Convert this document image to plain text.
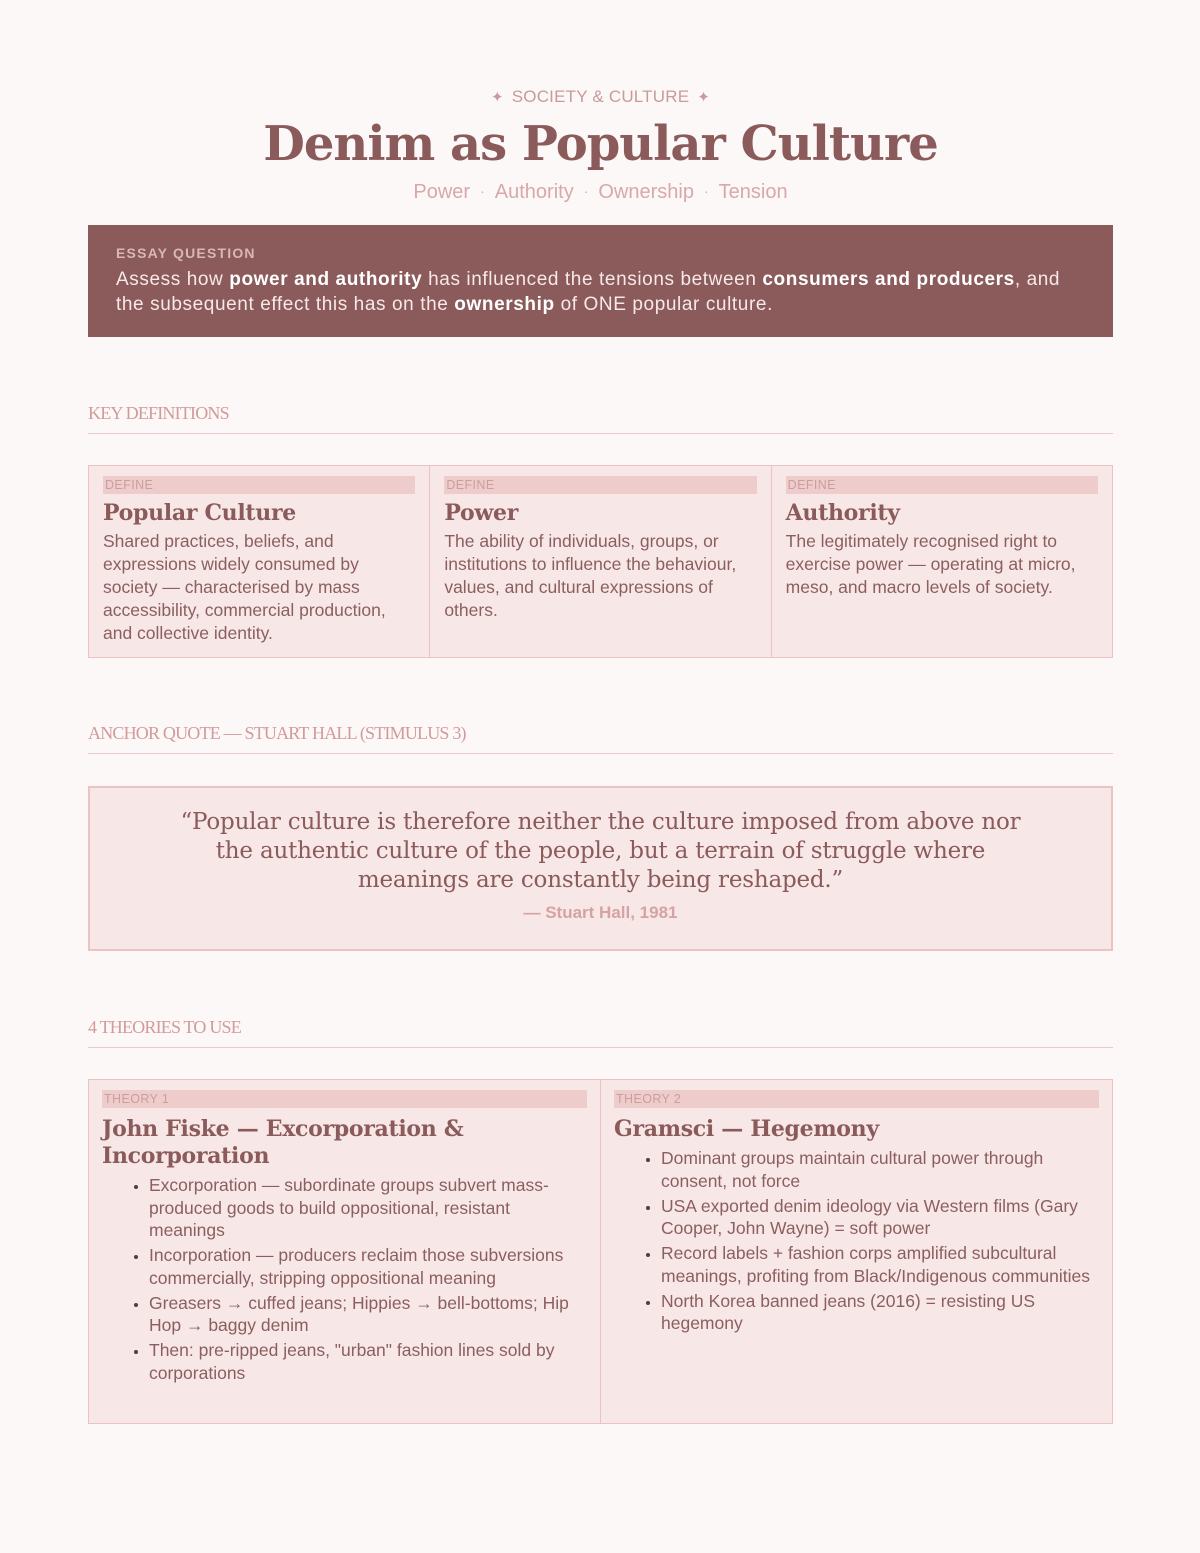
✦ SOCIETY & CULTURE ✦
Denim as Popular Culture
Power · Authority · Ownership · Tension
ESSAY QUESTION
Assess how power and authority has influenced the tensions between consumers and producers, and the subsequent effect this has on the ownership of ONE popular culture.
KEY DEFINITIONS
DEFINE
Popular Culture
Shared practices, beliefs, and expressions widely consumed by society — characterised by mass accessibility, commercial production, and collective identity.
DEFINE
Power
The ability of individuals, groups, or institutions to influence the behaviour, values, and cultural expressions of others.
DEFINE
Authority
The legitimately recognised right to exercise power — operating at micro, meso, and macro levels of society.
ANCHOR QUOTE — STUART HALL (STIMULUS 3)
“Popular culture is therefore neither the culture imposed from above nor the authentic culture of the people, but a terrain of struggle where meanings are constantly being reshaped.”
— Stuart Hall, 1981
4 THEORIES TO USE
THEORY 1
John Fiske — Excorporation & Incorporation
• Excorporation — subordinate groups subvert mass-produced goods to build oppositional, resistant meanings
• Incorporation — producers reclaim those subversions commercially, stripping oppositional meaning
• Greasers → cuffed jeans; Hippies → bell-bottoms; Hip Hop → baggy denim
• Then: pre-ripped jeans, "urban" fashion lines sold by corporations
THEORY 2
Gramsci — Hegemony
• Dominant groups maintain cultural power through consent, not force
• USA exported denim ideology via Western films (Gary Cooper, John Wayne) = soft power
• Record labels + fashion corps amplified subcultural meanings, profiting from Black/Indigenous communities
• North Korea banned jeans (2016) = resisting US hegemony
